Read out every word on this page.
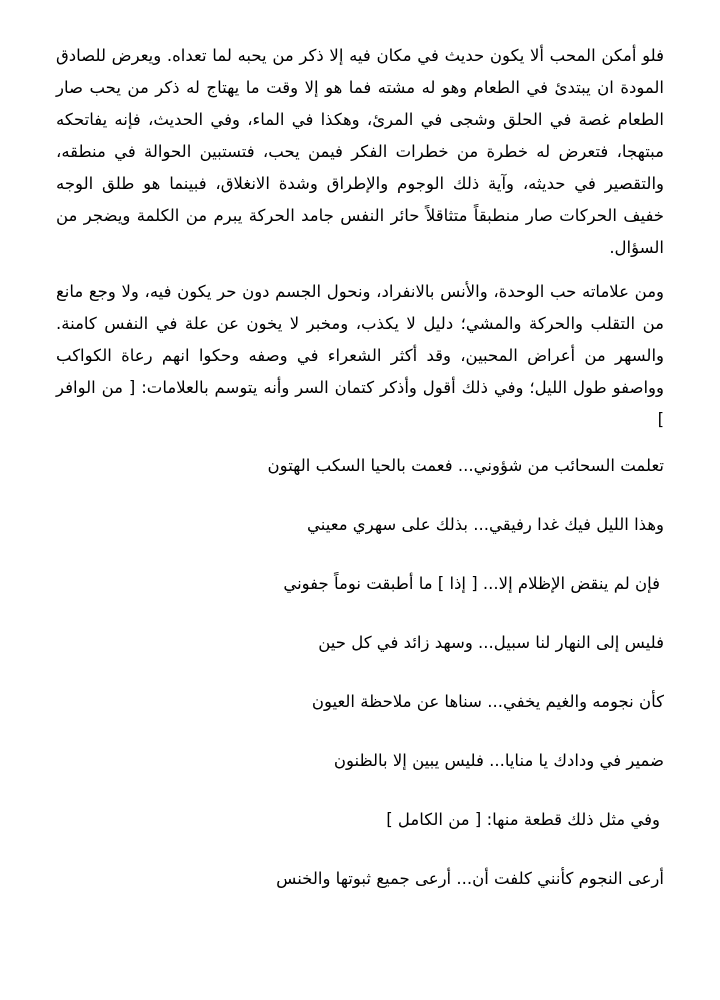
فلو أمكن المحب ألا يكون حديث في مكان فيه إلا ذكر من يحبه لما تعداه. ويعرض للصادق المودة ان يبتدئ في الطعام وهو له مشته فما هو إلا وقت ما يهتاج له ذكر من يحب صار الطعام غصة في الحلق وشجى في المرئ، وهكذا في الماء، وفي الحديث، فإنه يفاتحكه مبتهجا، فتعرض له خطرة من خطرات الفكر فيمن يحب، فتستبين الحوالة في منطقه، والتقصير في حديثه، وآية ذلك الوجوم والإطراق وشدة الانغلاق، فبينما هو طلق الوجه خفيف الحركات صار منطبقاً متثاقلاً حائر النفس جامد الحركة يبرم من الكلمة ويضجر من السؤال.

ومن علاماته حب الوحدة، والأنس بالانفراد، ونحول الجسم دون حر يكون فيه، ولا وجع مانع من التقلب والحركة والمشي؛ دليل لا يكذب، ومخبر لا يخون عن علة في النفس كامنة. والسهر من أعراض المحبين، وقد أكثر الشعراء في وصفه وحكوا انهم رعاة الكواكب وواصفو طول الليل؛ وفي ذلك أقول وأذكر كتمان السر وأنه يتوسم بالعلامات: [ من الوافر ]

تعلمت السحائب من شؤوني... فعمت بالحيا السكب الهتون

وهذا الليل فيك غدا رفيقي... بذلك على سهري معيني

فإن لم ينقض الإظلام إلا... [ إذا ] ما أطبقت نوماً جفوني

فليس إلى النهار لنا سبيل... وسهد زائد في كل حين

كأن نجومه والغيم يخفي... سناها عن ملاحظة العيون

ضمير في ودادك يا منايا... فليس يبين إلا بالظنون

وفي مثل ذلك قطعة منها: [ من الكامل ]

أرعى النجوم كأنني كلفت أن... أرعى جميع ثبوتها والخنس
